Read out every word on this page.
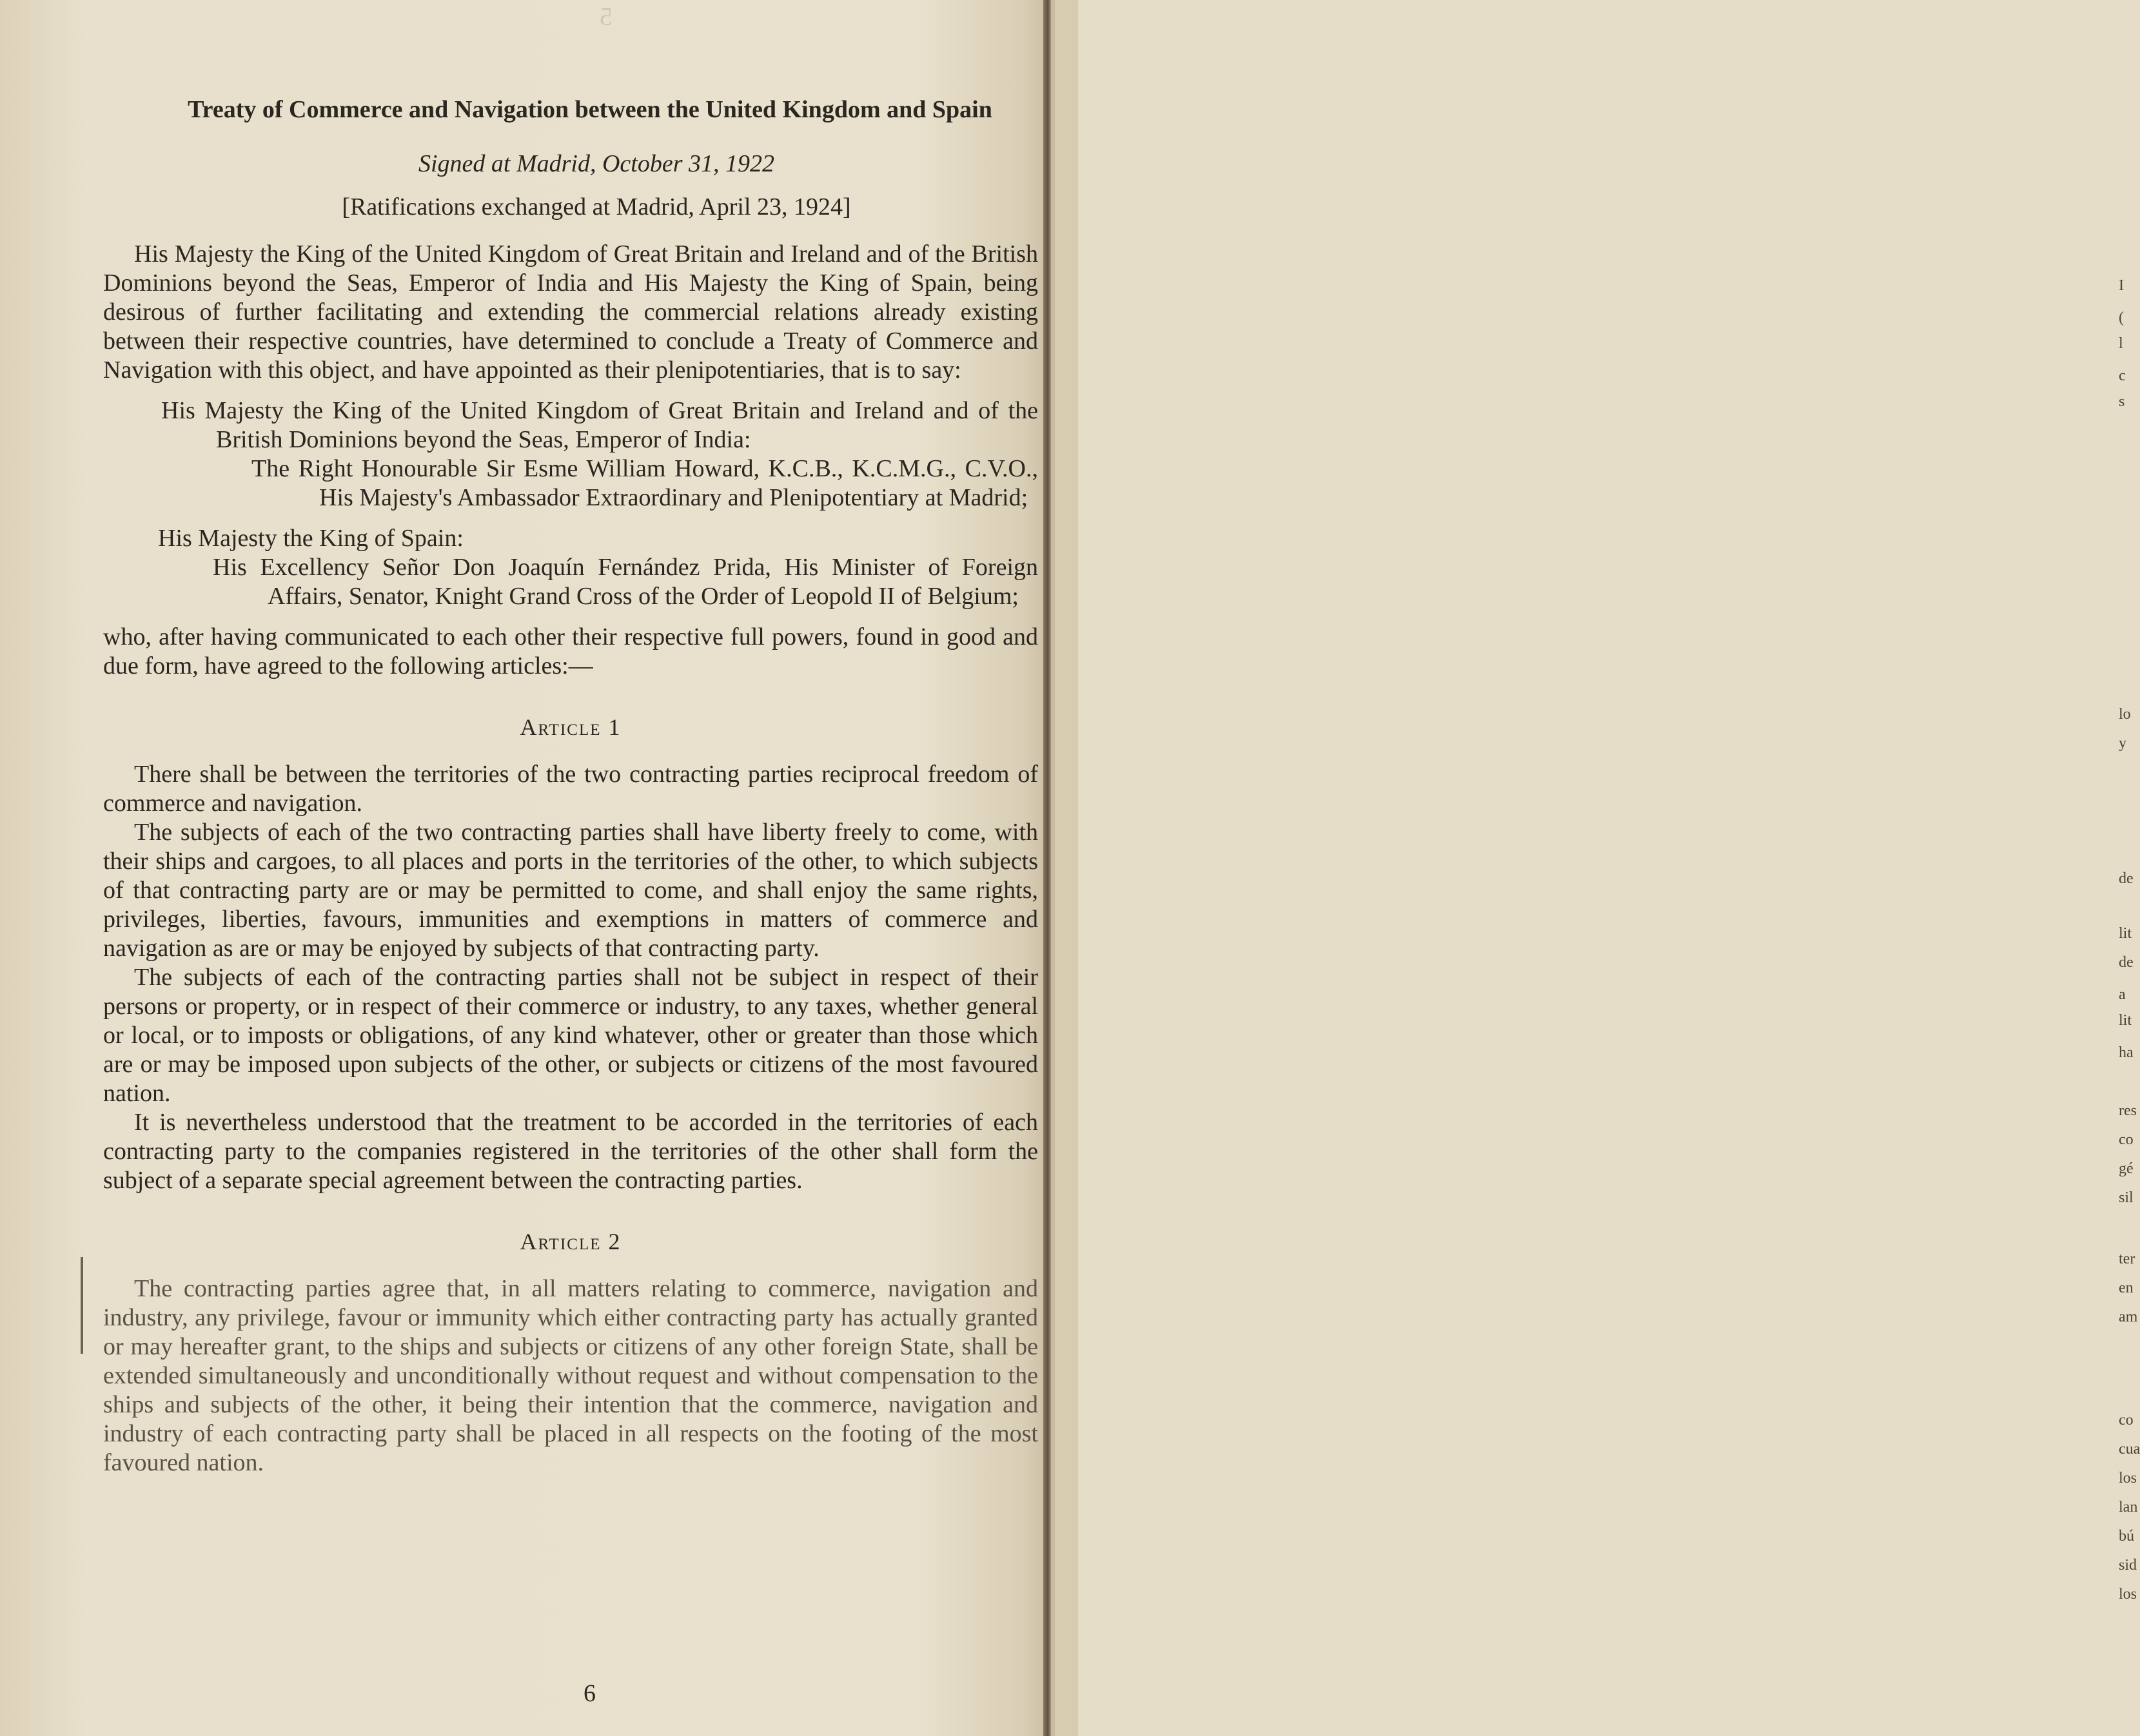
5

I
(
l
c
s
lo
y
de
lit
de
a
lit
ha
res
co
gé
sil
ter
en
am
co
cua
los
lan
bú
sid
los
Treaty of Commerce and Navigation between the United Kingdom and Spain
Signed at Madrid, October 31, 1922
[Ratifications exchanged at Madrid, April 23, 1924]

His Majesty the King of the United Kingdom of Great Britain and Ireland and of the British Dominions beyond the Seas, Emperor of India and His Majesty the King of Spain, being desirous of further facilitating and extending the commercial relations already existing between their respective countries, have determined to conclude a Treaty of Commerce and Navigation with this object, and have appointed as their plenipotentiaries, that is to say:

His Majesty the King of the United Kingdom of Great Britain and Ireland and of the British Dominions beyond the Seas, Emperor of India:

The Right Honourable Sir Esme William Howard, K.C.B., K.C.M.G., C.V.O., His Majesty's Ambassador Extraordinary and Plenipotentiary at Madrid;

His Majesty the King of Spain:

His Excellency Señor Don Joaquín Fernández Prida, His Minister of Foreign Affairs, Senator, Knight Grand Cross of the Order of Leopold II of Belgium;

who, after having communicated to each other their respective full powers, found in good and due form, have agreed to the following articles:—

Article 1

There shall be between the territories of the two contracting parties reciprocal freedom of commerce and navigation.

The subjects of each of the two contracting parties shall have liberty freely to come, with their ships and cargoes, to all places and ports in the territories of the other, to which subjects of that contracting party are or may be permitted to come, and shall enjoy the same rights, privileges, liberties, favours, immunities and exemptions in matters of commerce and navigation as are or may be enjoyed by subjects of that contracting party.

The subjects of each of the contracting parties shall not be subject in respect of their persons or property, or in respect of their commerce or industry, to any taxes, whether general or local, or to imposts or obligations, of any kind whatever, other or greater than those which are or may be imposed upon subjects of the other, or subjects or citizens of the most favoured nation.

It is nevertheless understood that the treatment to be accorded in the territories of each contracting party to the companies registered in the territories of the other shall form the subject of a separate special agreement between the contracting parties.

Article 2

The contracting parties agree that, in all matters relating to commerce, navigation and industry, any privilege, favour or immunity which either contracting party has actually granted or may hereafter grant, to the ships and subjects or citizens of any other foreign State, shall be extended simultaneously and unconditionally without request and without compensation to the ships and subjects of the other, it being their intention that the commerce, navigation and industry of each contracting party shall be placed in all respects on the footing of the most favoured nation.

6
